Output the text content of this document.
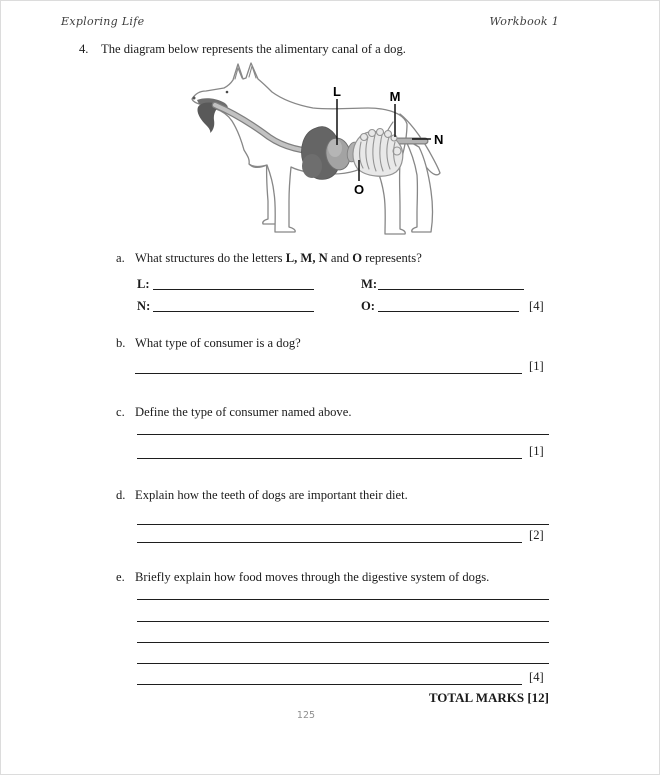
Exploring Life	Workbook 1
4. The diagram below represents the alimentary canal of a dog.
L	M
N
O
a. What structures do the letters L, M, N and O represents?
L:	M:
N:	O:	[4]
b. What type of consumer is a dog?
[1]
c. Define the type of consumer named above.
[1]
d. Explain how the teeth of dogs are important their diet.
[2]
e. Briefly explain how food moves through the digestive system of dogs.
[4]
TOTAL MARKS [12]
125
